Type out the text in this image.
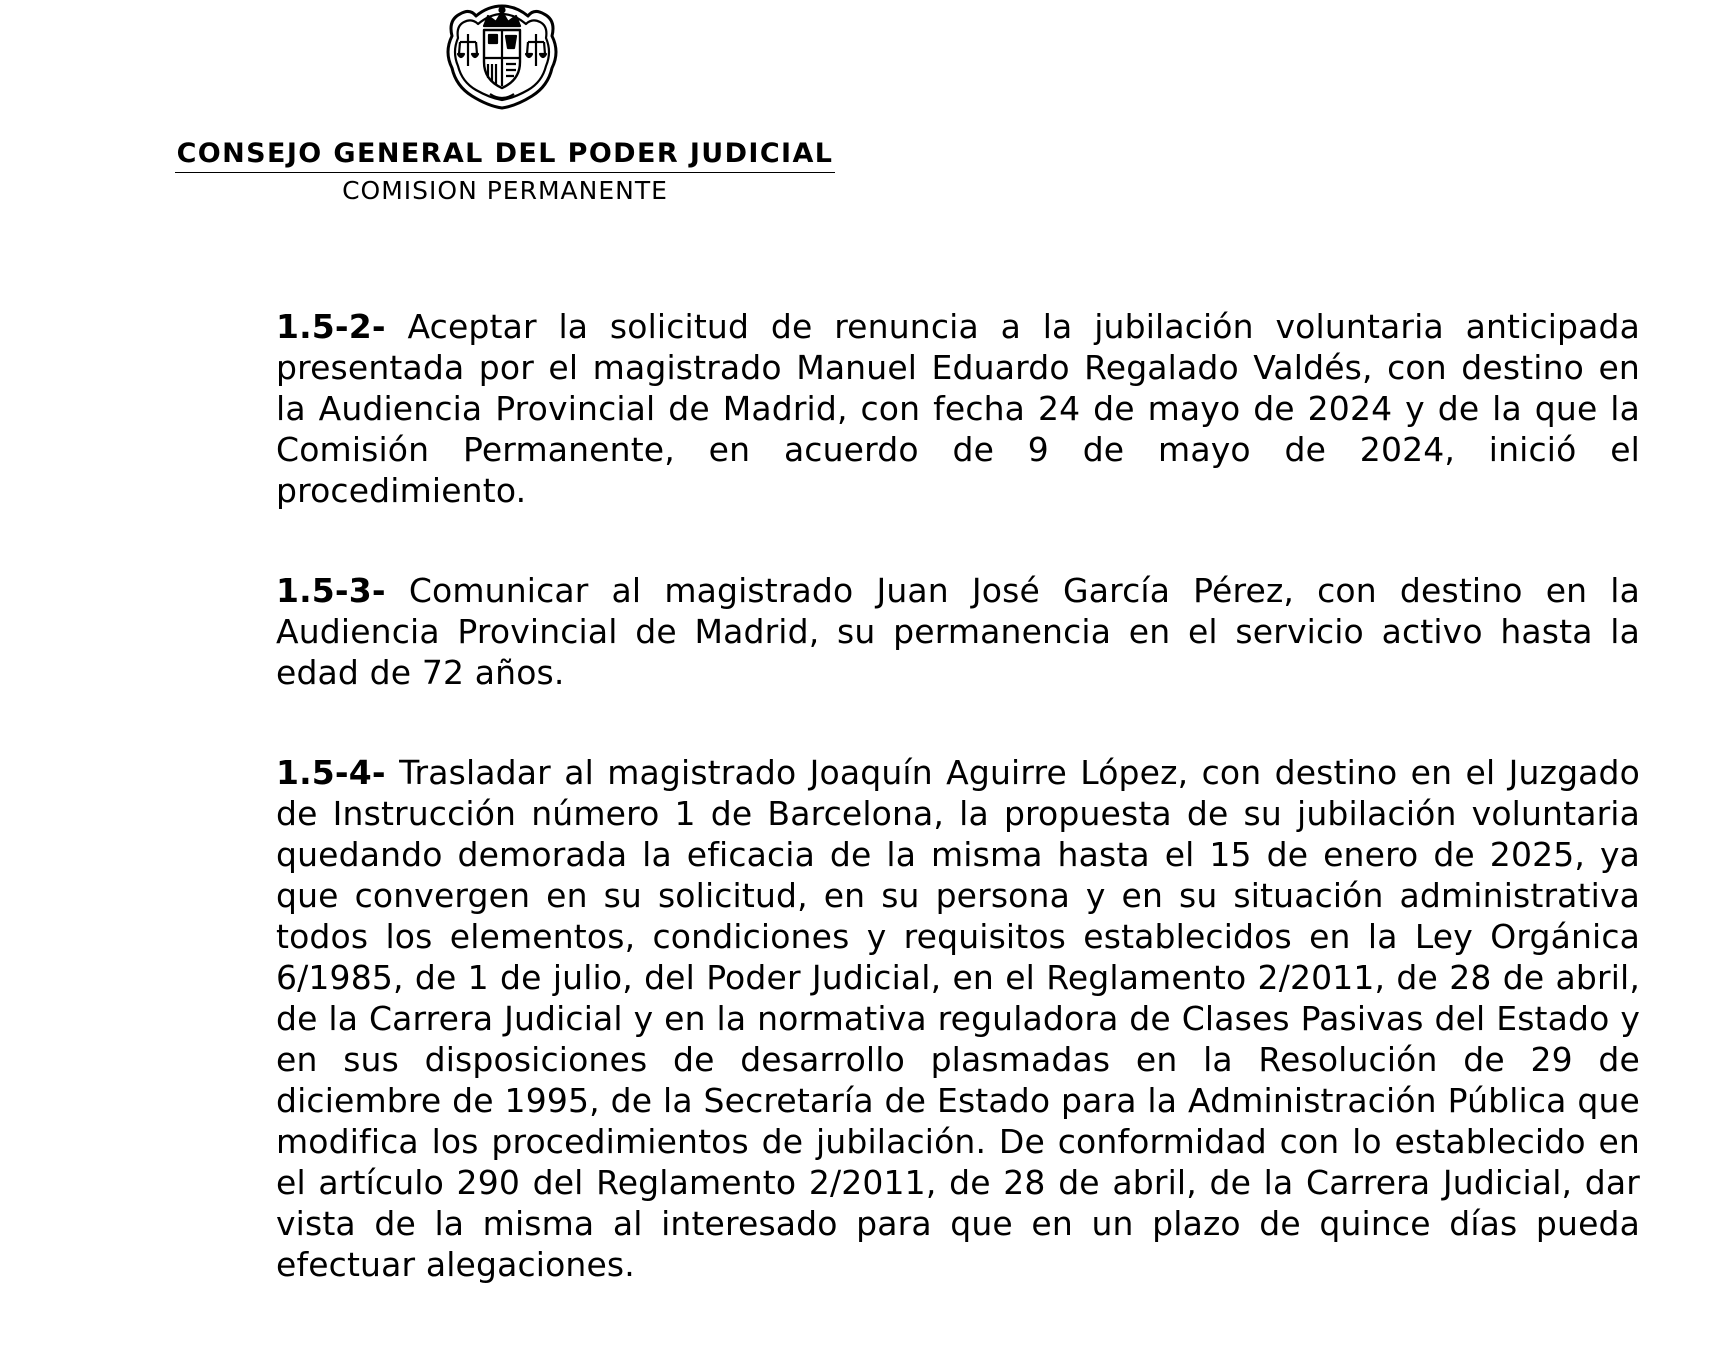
CONSEJO GENERAL DEL PODER JUDICIAL
COMISION PERMANENTE

1.5-2- Aceptar la solicitud de renuncia a la jubilación voluntaria anticipada presentada por el magistrado Manuel Eduardo Regalado Valdés, con destino en la Audiencia Provincial de Madrid, con fecha 24 de mayo de 2024 y de la que la Comisión Permanente, en acuerdo de 9 de mayo de 2024, inició el procedimiento.

1.5-3- Comunicar al magistrado Juan José García Pérez, con destino en la Audiencia Provincial de Madrid, su permanencia en el servicio activo hasta la edad de 72 años.

1.5-4- Trasladar al magistrado Joaquín Aguirre López, con destino en el Juzgado de Instrucción número 1 de Barcelona, la propuesta de su jubilación voluntaria quedando demorada la eficacia de la misma hasta el 15 de enero de 2025, ya que convergen en su solicitud, en su persona y en su situación administrativa todos los elementos, condiciones y requisitos establecidos en la Ley Orgánica 6/1985, de 1 de julio, del Poder Judicial, en el Reglamento 2/2011, de 28 de abril, de la Carrera Judicial y en la normativa reguladora de Clases Pasivas del Estado y en sus disposiciones de desarrollo plasmadas en la Resolución de 29 de diciembre de 1995, de la Secretaría de Estado para la Administración Pública que modifica los procedimientos de jubilación. De conformidad con lo establecido en el artículo 290 del Reglamento 2/2011, de 28 de abril, de la Carrera Judicial, dar vista de la misma al interesado para que en un plazo de quince días pueda efectuar alegaciones.
